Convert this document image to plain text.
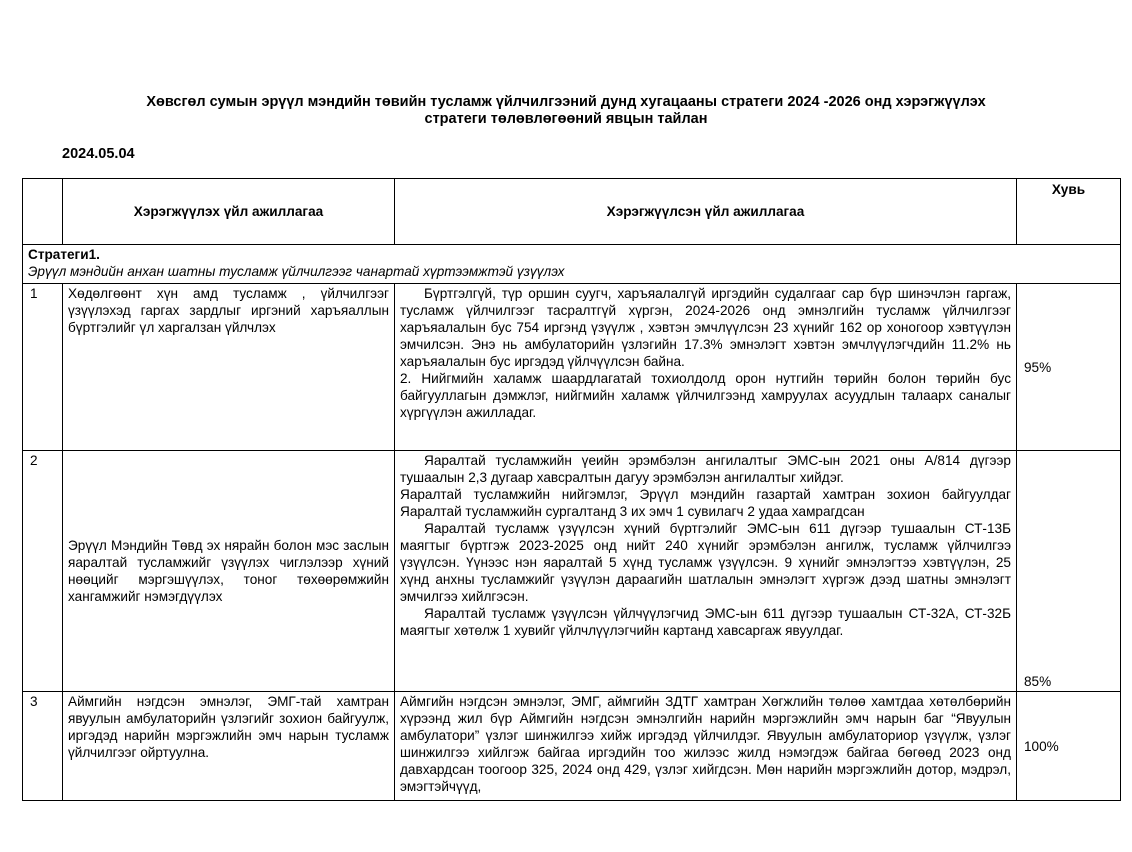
Хөвсгөл сумын эрүүл мэндийн төвийн тусламж үйлчилгээний дунд хугацааны стратеги 2024 -2026 онд хэрэгжүүлэх
стратеги төлөвлөгөөний явцын тайлан
2024.05.04
	Хэрэгжүүлэх үйл ажиллагаа	Хэрэгжүүлсэн үйл ажиллагаа	Хувь

Стратеги1.
Эрүүл мэндийн анхан шатны тусламж үйлчилгээг чанартай хүртээмжтэй үзүүлэх			

1	Хөдөлгөөнт хүн амд тусламж , үйлчилгээг үзүүлэхэд гаргах зардлыг иргэний харъяаллын бүртгэлийг үл харгалзан үйлчлэх	Бүртгэлгүй, түр оршин суугч, харъяалалгүй иргэдийн судалгааг сар бүр шинэчлэн гаргаж, тусламж үйлчилгээг тасралтгүй хүргэн, 2024-2026 онд эмнэлгийн тусламж үйлчилгээг харъяалалын бус 754 иргэнд үзүүлж , хэвтэн эмчлүүлсэн 23 хүнийг 162 ор хоногоор хэвтүүлэн эмчилсэн. Энэ нь амбулаторийн үзлэгийн 17.3% эмнэлэгт хэвтэн эмчлүүлэгчдийн 11.2% нь харъяалалын бус иргэдэд үйлчүүлсэн байна.

2. Нийгмийн халамж шаардлагатай тохиолдолд орон нутгийн төрийн болон төрийн бус байгууллагын дэмжлэг, нийгмийн халамж үйлчилгээнд хамруулах асуудлын талаарх саналыг хүргүүлэн ажилладаг.	95%
2	Эрүүл Мэндийн Төвд эх нярайн болон мэс заслын яаралтай тусламжийг үзүүлэх чиглэлээр хүний нөөцийг мэргэшүүлэх, тоног төхөөрөмжийн хангамжийг нэмэгдүүлэх	Яаралтай тусламжийн үеийн эрэмбэлэн ангилалтыг ЭМС-ын 2021 оны А/814 дүгээр тушаалын 2,3 дугаар хавсралтын дагуу эрэмбэлэн ангилалтыг хийдэг.

Яаралтай тусламжийн нийгэмлэг, Эрүүл мэндийн газартай хамтран зохион байгуулдаг Яаралтай тусламжийн сургалтанд 3 их эмч 1 сувилагч 2 удаа хамрагдсан

Яаралтай тусламж үзүүлсэн хүний бүртгэлийг ЭМС-ын 611 дүгээр тушаалын СТ-13Б маягтыг бүртгэж 2023-2025 онд нийт 240 хүнийг эрэмбэлэн ангилж, тусламж үйлчилгээ үзүүлсэн. Үүнээс нэн яаралтай 5 хүнд тусламж үзүүлсэн. 9 хүнийг эмнэлэгтээ хэвтүүлэн, 25 хүнд анхны тусламжийг үзүүлэн дараагийн шатлалын эмнэлэгт хүргэж дээд шатны эмнэлэгт эмчилгээ хийлгэсэн.

Яаралтай тусламж үзүүлсэн үйлчүүлэгчид ЭМС-ын 611 дүгээр тушаалын СТ-32А, СТ-32Б маягтыг хөтөлж 1 хувийг үйлчлүүлэгчийн картанд хавсаргаж явуулдаг.	85%
3	Аймгийн нэгдсэн эмнэлэг, ЭМГ-тай хамтран явуулын амбулаторийн үзлэгийг зохион байгуулж, иргэдэд нарийн мэргэжлийн эмч нарын тусламж үйлчилгээг ойртуулна.	Аймгийн нэгдсэн эмнэлэг, ЭМГ, аймгийн ЗДТГ хамтран Хөгжлийн төлөө хамтдаа хөтөлбөрийн хүрээнд жил бүр Аймгийн нэгдсэн эмнэлгийн нарийн мэргэжлийн эмч нарын баг “Явуулын амбулатори” үзлэг шинжилгээ хийж иргэдэд үйлчилдэг. Явуулын амбулаториор үзүүлж, үзлэг шинжилгээ хийлгэж байгаа иргэдийн тоо жилээс жилд нэмэгдэж байгаа бөгөөд 2023 онд давхардсан тоогоор 325, 2024 онд 429, үзлэг хийгдсэн. Мөн нарийн мэргэжлийн дотор, мэдрэл, эмэгтэйчүүд,	100%
